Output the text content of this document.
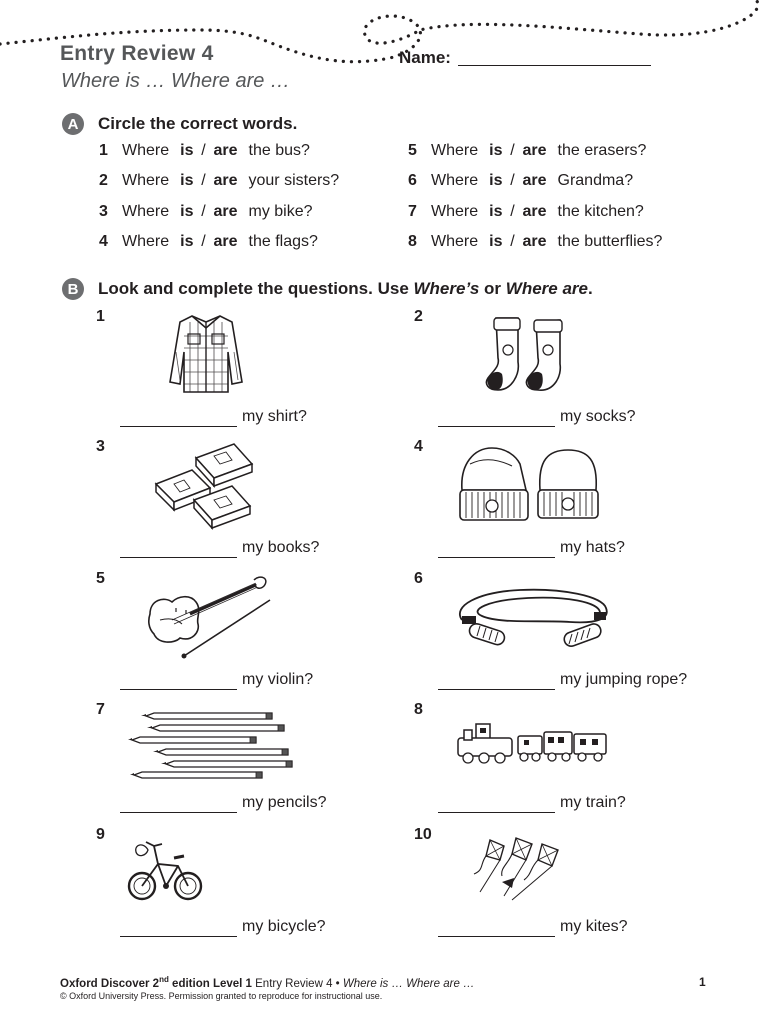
Entry Review 4
Where is … Where are …
Name:
A	Circle the correct words.
1 Where is / are the bus?
2 Where is / are your sisters?
3 Where is / are my bike?
4 Where is / are the flags?
5 Where is / are the erasers?
6 Where is / are Grandma?
7 Where is / are the kitchen?
8 Where is / are the butterflies?
B	Look and complete the questions. Use Where’s or Where are.
1
my shirt?
2
my socks?
3
my books?
4
my hats?
5
my violin?
6
my jumping rope?
7
my pencils?
8
my train?
9
my bicycle?
10
my kites?
Oxford Discover 2nd edition Level 1 Entry Review 4 • Where is … Where are …	1
© Oxford University Press. Permission granted to reproduce for instructional use.
